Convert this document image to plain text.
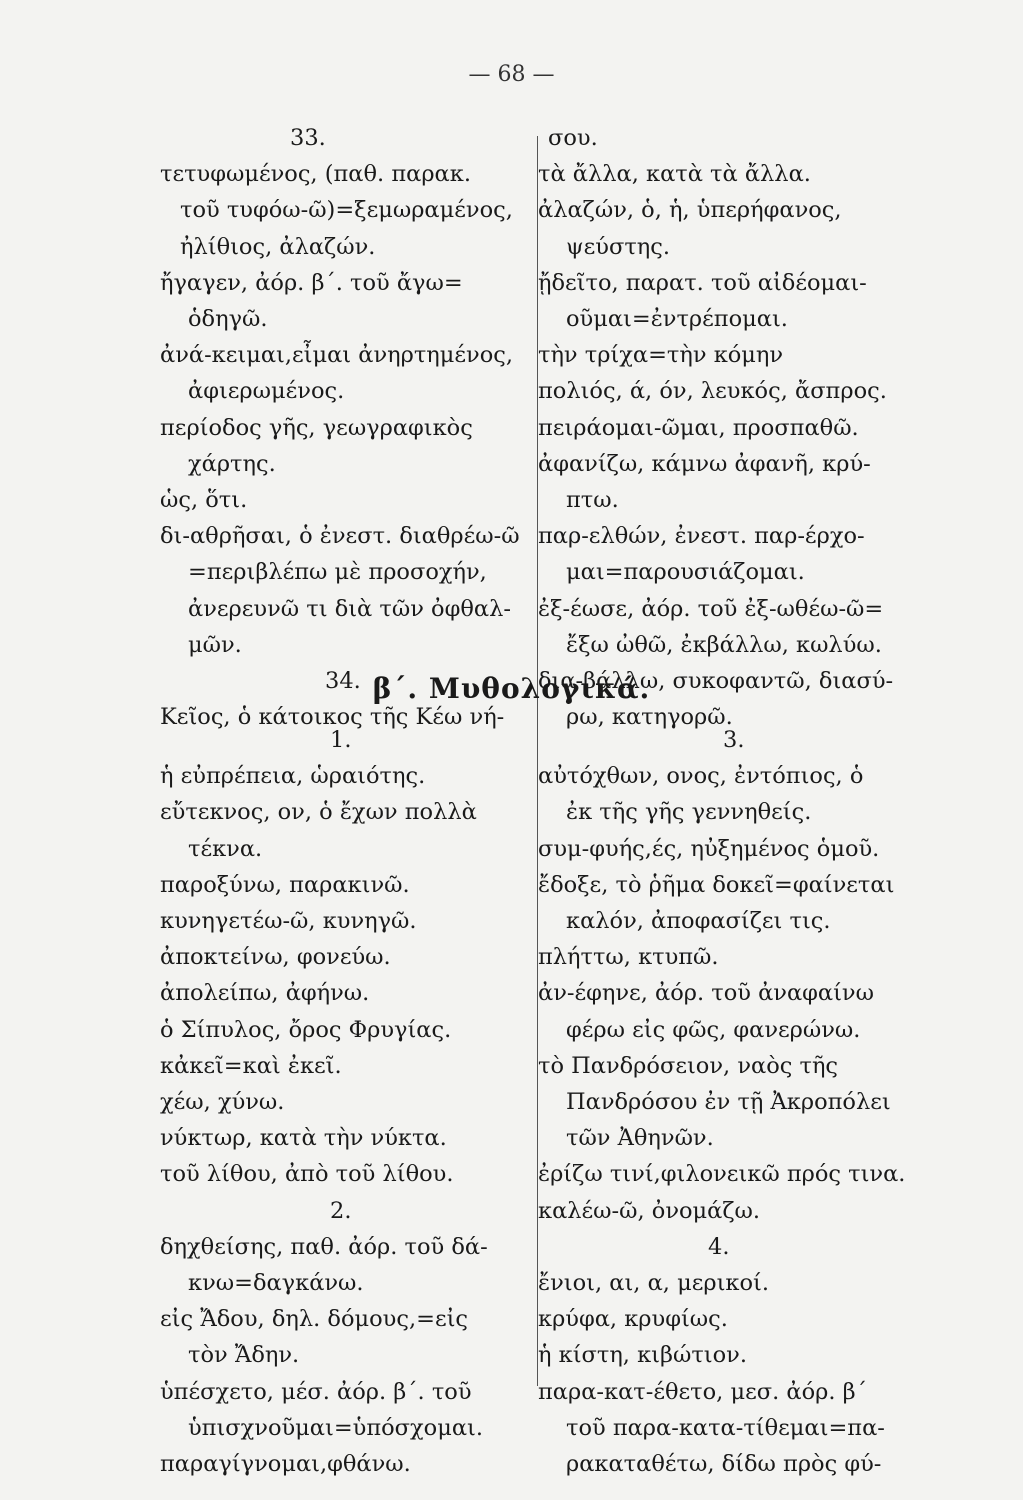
— 68 —
33.
τετυφωμένος, (παθ. παρακ.
τοῦ τυφόω-ῶ)=ξεμωραμένος,
ἠλίθιος, ἀλαζών.
ἤγαγεν, ἀόρ. β΄. τοῦ ἄγω=
ὁδηγῶ.
ἀνά-κειμαι,εἶμαι ἀνηρτημένος,
ἀφιερωμένος.
περίοδος γῆς, γεωγραφικὸς
χάρτης.
ὡς, ὅτι.
δι-αθρῆσαι, ὁ ἐνεστ. διαθρέω-ῶ
=περιβλέπω μὲ προσοχήν,
ἀνερευνῶ τι διὰ τῶν ὀφθαλ-
μῶν.
34.
Κεῖος, ὁ κάτοικος τῆς Κέω νή-
σου.
τὰ ἄλλα, κατὰ τὰ ἄλλα.
ἀλαζών, ὁ, ἡ, ὑπερήφανος,
ψεύστης.
ᾔδεῖτο, παρατ. τοῦ αἰδέομαι-
οῦμαι=ἐντρέπομαι.
τὴν τρίχα=τὴν κόμην
πολιός, ά, όν, λευκός, ἄσπρος.
πειράομαι-ῶμαι, προσπαθῶ.
ἀφανίζω, κάμνω ἀφανῆ, κρύ-
πτω.
παρ-ελθών, ἐνεστ. παρ-έρχο-
μαι=παρουσιάζομαι.
ἐξ-έωσε, ἀόρ. τοῦ ἐξ-ωθέω-ῶ=
ἔξω ὠθῶ, ἐκβάλλω, κωλύω.
δια-βάλλω, συκοφαντῶ, διασύ-
ρω, κατηγορῶ.
β΄. Μυθολογικά.
1.
ἡ εὐπρέπεια, ὡραιότης.
εὔτεκνος, ον, ὁ ἔχων πολλὰ
τέκνα.
παροξύνω, παρακινῶ.
κυνηγετέω-ῶ, κυνηγῶ.
ἀποκτείνω, φονεύω.
ἀπολείπω, ἀφήνω.
ὁ Σίπυλος, ὄρος Φρυγίας.
κἀκεῖ=καὶ ἐκεῖ.
χέω, χύνω.
νύκτωρ, κατὰ τὴν νύκτα.
τοῦ λίθου, ἀπὸ τοῦ λίθου.
2.
δηχθείσης, παθ. ἀόρ. τοῦ δά-
κνω=δαγκάνω.
εἰς Ἄδου, δηλ. δόμους,=εἰς
τὸν Ἄδην.
ὑπέσχετο, μέσ. ἀόρ. β΄. τοῦ
ὑπισχνοῦμαι=ὑπόσχομαι.
παραγίγνομαι,φθάνω.
3.
αὐτόχθων, ονος, ἐντόπιος, ὁ
ἐκ τῆς γῆς γεννηθείς.
συμ-φυής,ές, ηὐξημένος ὁμοῦ.
ἔδοξε, τὸ ῥῆμα δοκεῖ=φαίνεται
καλόν, ἀποφασίζει τις.
πλήττω, κτυπῶ.
ἀν-έφηνε, ἀόρ. τοῦ ἀναφαίνω
φέρω εἰς φῶς, φανερώνω.
τὸ Πανδρόσειον, ναὸς τῆς
Πανδρόσου ἐν τῇ Ἀκροπόλει
τῶν Ἀθηνῶν.
ἐρίζω τινί,φιλονεικῶ πρός τινα.
καλέω-ῶ, ὀνομάζω.
4.
ἔνιοι, αι, α, μερικοί.
κρύφα, κρυφίως.
ἡ κίστη, κιβώτιον.
παρα-κατ-έθετο, μεσ. ἀόρ. β΄
τοῦ παρα-κατα-τίθεμαι=πα-
ρακαταθέτω, δίδω πρὸς φύ-
